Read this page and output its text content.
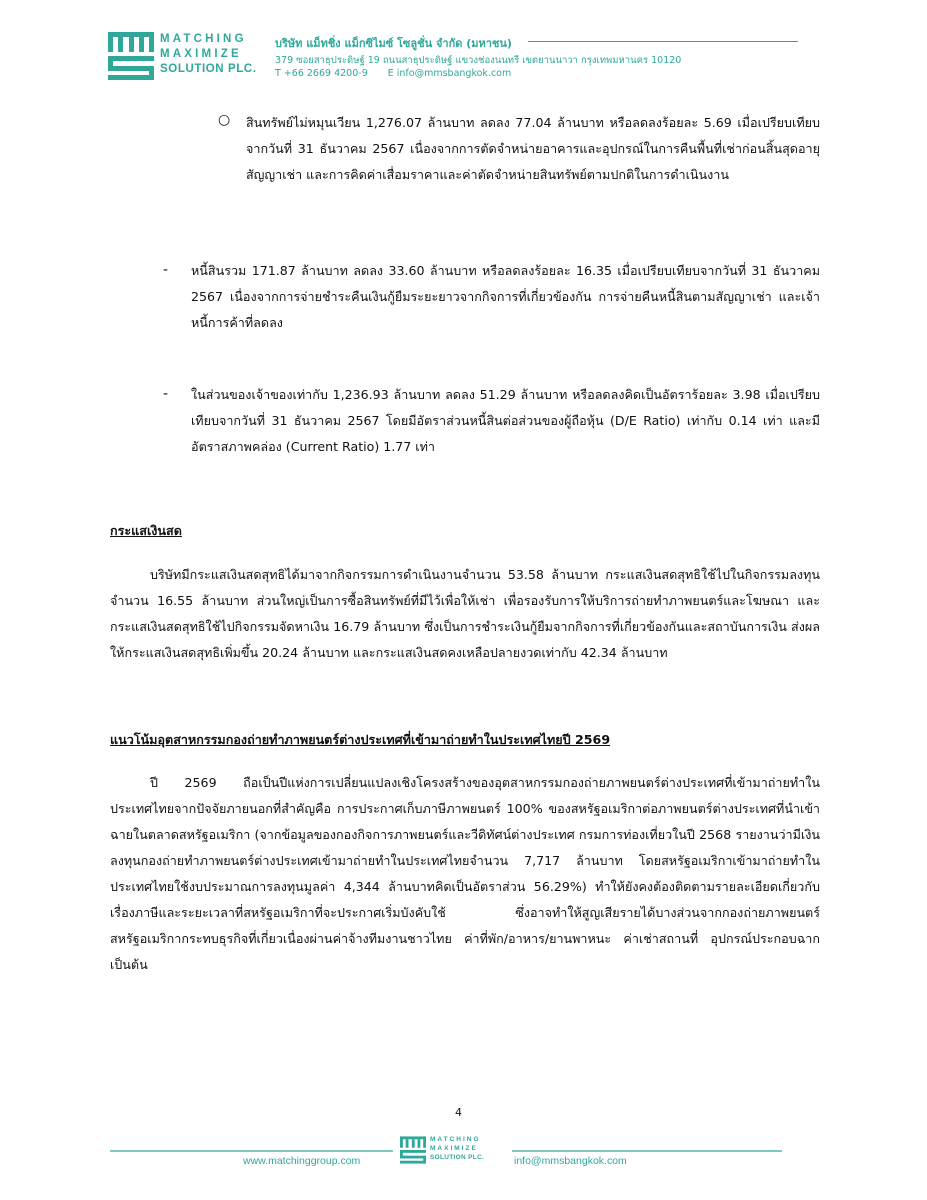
MATCHING
MAXIMIZE
SOLUTION PLC.
บริษัท แม็ทชิ่ง แม็กซิไมซ์ โซลูชั่น จำกัด (มหาชน)
379 ซอยสาธุประดิษฐ์ 19 ถนนสาธุประดิษฐ์ แขวงช่องนนทรี เขตยานนาวา กรุงเทพมหานคร 10120
T +66 2669 4200-9 E info@mmsbangkok.com
○ สินทรัพย์ไม่หมุนเวียน 1,276.07 ล้านบาท ลดลง 77.04 ล้านบาท หรือลดลงร้อยละ 5.69 เมื่อเปรียบเทียบจากวันที่ 31 ธันวาคม 2567 เนื่องจากการตัดจำหน่ายอาคารและอุปกรณ์ในการคืนพื้นที่เช่าก่อนสิ้นสุดอายุสัญญาเช่า และการคิดค่าเสื่อมราคาและค่าตัดจำหน่ายสินทรัพย์ตามปกติในการดำเนินงาน
- หนี้สินรวม 171.87 ล้านบาท ลดลง 33.60 ล้านบาท หรือลดลงร้อยละ 16.35 เมื่อเปรียบเทียบจากวันที่ 31 ธันวาคม 2567 เนื่องจากการจ่ายชำระคืนเงินกู้ยืมระยะยาวจากกิจการที่เกี่ยวข้องกัน การจ่ายคืนหนี้สินตามสัญญาเช่า และเจ้าหนี้การค้าที่ลดลง
- ในส่วนของเจ้าของเท่ากับ 1,236.93 ล้านบาท ลดลง 51.29 ล้านบาท หรือลดลงคิดเป็นอัตราร้อยละ 3.98 เมื่อเปรียบเทียบจากวันที่ 31 ธันวาคม 2567 โดยมีอัตราส่วนหนี้สินต่อส่วนของผู้ถือหุ้น (D/E Ratio) เท่ากับ 0.14 เท่า และมีอัตราสภาพคล่อง (Current Ratio) 1.77 เท่า
กระแสเงินสด
บริษัทมีกระแสเงินสดสุทธิได้มาจากกิจกรรมการดำเนินงานจำนวน 53.58 ล้านบาท กระแสเงินสดสุทธิใช้ไปในกิจกรรมลงทุนจำนวน 16.55 ล้านบาท ส่วนใหญ่เป็นการซื้อสินทรัพย์ที่มีไว้เพื่อให้เช่า เพื่อรองรับการให้บริการถ่ายทำภาพยนตร์และโฆษณา และกระแสเงินสดสุทธิใช้ไปกิจกรรมจัดหาเงิน 16.79 ล้านบาท ซึ่งเป็นการชำระเงินกู้ยืมจากกิจการที่เกี่ยวข้องกันและสถาบันการเงิน ส่งผลให้กระแสเงินสดสุทธิเพิ่มขึ้น 20.24 ล้านบาท และกระแสเงินสดคงเหลือปลายงวดเท่ากับ 42.34 ล้านบาท
แนวโน้มอุตสาหกรรมกองถ่ายทำภาพยนตร์ต่างประเทศที่เข้ามาถ่ายทำในประเทศไทยปี 2569
ปี 2569 ถือเป็นปีแห่งการเปลี่ยนแปลงเชิงโครงสร้างของอุตสาหกรรมกองถ่ายภาพยนตร์ต่างประเทศที่เข้ามาถ่ายทำในประเทศไทยจากปัจจัยภายนอกที่สำคัญคือ การประกาศเก็บภาษีภาพยนตร์ 100% ของสหรัฐอเมริกาต่อภาพยนตร์ต่างประเทศที่นำเข้าฉายในตลาดสหรัฐอเมริกา (จากข้อมูลของกองกิจการภาพยนตร์และวีดิทัศน์ต่างประเทศ กรมการท่องเที่ยวในปี 2568 รายงานว่ามีเงินลงทุนกองถ่ายทำภาพยนตร์ต่างประเทศเข้ามาถ่ายทำในประเทศไทยจำนวน 7,717 ล้านบาท โดยสหรัฐอเมริกาเข้ามาถ่ายทำในประเทศไทยใช้งบประมาณการลงทุนมูลค่า 4,344 ล้านบาทคิดเป็นอัตราส่วน 56.29%) ทำให้ยังคงต้องติดตามรายละเอียดเกี่ยวกับเรื่องภาษีและระยะเวลาที่สหรัฐอเมริกาที่จะประกาศเริ่มบังคับใช้ ซึ่งอาจทำให้สูญเสียรายได้บางส่วนจากกองถ่ายภาพยนตร์สหรัฐอเมริกากระทบธุรกิจที่เกี่ยวเนื่องผ่านค่าจ้างทีมงานชาวไทย ค่าที่พัก/อาหาร/ยานพาหนะ ค่าเช่าสถานที่ อุปกรณ์ประกอบฉาก เป็นต้น
4
www.matchinggroup.com
MATCHING
MAXIMIZE
SOLUTION PLC.	info@mmsbangkok.com
